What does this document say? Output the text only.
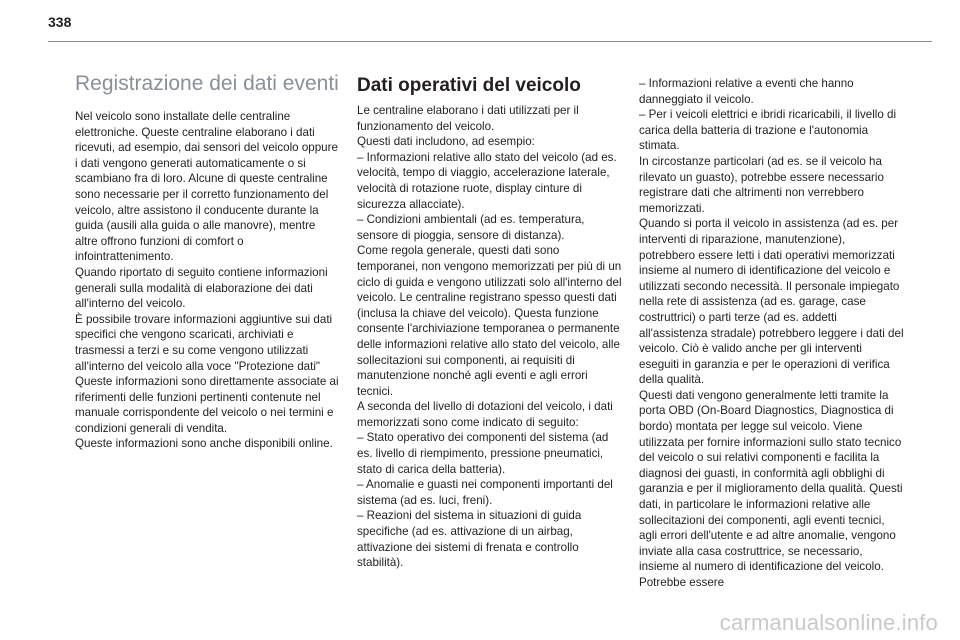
338
Registrazione dei dati eventi

Nel veicolo sono installate delle centraline elettroniche. Queste centraline elaborano i dati ricevuti, ad esempio, dai sensori del veicolo oppure i dati vengono generati automaticamente o si scambiano fra di loro. Alcune di queste centraline sono necessarie per il corretto funzionamento del veicolo, altre assistono il conducente durante la guida (ausili alla guida o alle manovre), mentre altre offrono funzioni di comfort o infointrattenimento.

Quando riportato di seguito contiene informazioni generali sulla modalità di elaborazione dei dati all'interno del veicolo.

È possibile trovare informazioni aggiuntive sui dati specifici che vengono scaricati, archiviati e trasmessi a terzi e su come vengono utilizzati all'interno del veicolo alla voce "Protezione dati"

Queste informazioni sono direttamente associate ai riferimenti delle funzioni pertinenti contenute nel manuale corrispondente del veicolo o nei termini e condizioni generali di vendita.

Queste informazioni sono anche disponibili online.

Dati operativi del veicolo

Le centraline elaborano i dati utilizzati per il funzionamento del veicolo.

Questi dati includono, ad esempio:

– Informazioni relative allo stato del veicolo (ad es. velocità, tempo di viaggio, accelerazione laterale, velocità di rotazione ruote, display cinture di sicurezza allacciate).

– Condizioni ambientali (ad es. temperatura, sensore di pioggia, sensore di distanza).

Come regola generale, questi dati sono temporanei, non vengono memorizzati per più di un ciclo di guida e vengono utilizzati solo all'interno del veicolo. Le centraline registrano spesso questi dati (inclusa la chiave del veicolo). Questa funzione consente l'archiviazione temporanea o permanente delle informazioni relative allo stato del veicolo, alle sollecitazioni sui componenti, ai requisiti di manutenzione nonché agli eventi e agli errori tecnici.

A seconda del livello di dotazioni del veicolo, i dati memorizzati sono come indicato di seguito:

– Stato operativo dei componenti del sistema (ad es. livello di riempimento, pressione pneumatici, stato di carica della batteria).

– Anomalie e guasti nei componenti importanti del sistema (ad es. luci, freni).

– Reazioni del sistema in situazioni di guida specifiche (ad es. attivazione di un airbag, attivazione dei sistemi di frenata e controllo stabilità).

– Informazioni relative a eventi che hanno danneggiato il veicolo.

– Per i veicoli elettrici e ibridi ricaricabili, il livello di carica della batteria di trazione e l'autonomia stimata.

In circostanze particolari (ad es. se il veicolo ha rilevato un guasto), potrebbe essere necessario registrare dati che altrimenti non verrebbero memorizzati.

Quando si porta il veicolo in assistenza (ad es. per interventi di riparazione, manutenzione), potrebbero essere letti i dati operativi memorizzati insieme al numero di identificazione del veicolo e utilizzati secondo necessità. Il personale impiegato nella rete di assistenza (ad es. garage, case costruttrici) o parti terze (ad es. addetti all'assistenza stradale) potrebbero leggere i dati del veicolo. Ciò è valido anche per gli interventi eseguiti in garanzia e per le operazioni di verifica della qualità.

Questi dati vengono generalmente letti tramite la porta OBD (On-Board Diagnostics, Diagnostica di bordo) montata per legge sul veicolo. Viene utilizzata per fornire informazioni sullo stato tecnico del veicolo o sui relativi componenti e facilita la diagnosi dei guasti, in conformità agli obblighi di garanzia e per il miglioramento della qualità. Questi dati, in particolare le informazioni relative alle sollecitazioni dei componenti, agli eventi tecnici, agli errori dell'utente e ad altre anomalie, vengono inviate alla casa costruttrice, se necessario, insieme al numero di identificazione del veicolo. Potrebbe essere

carmanualsonline.info
